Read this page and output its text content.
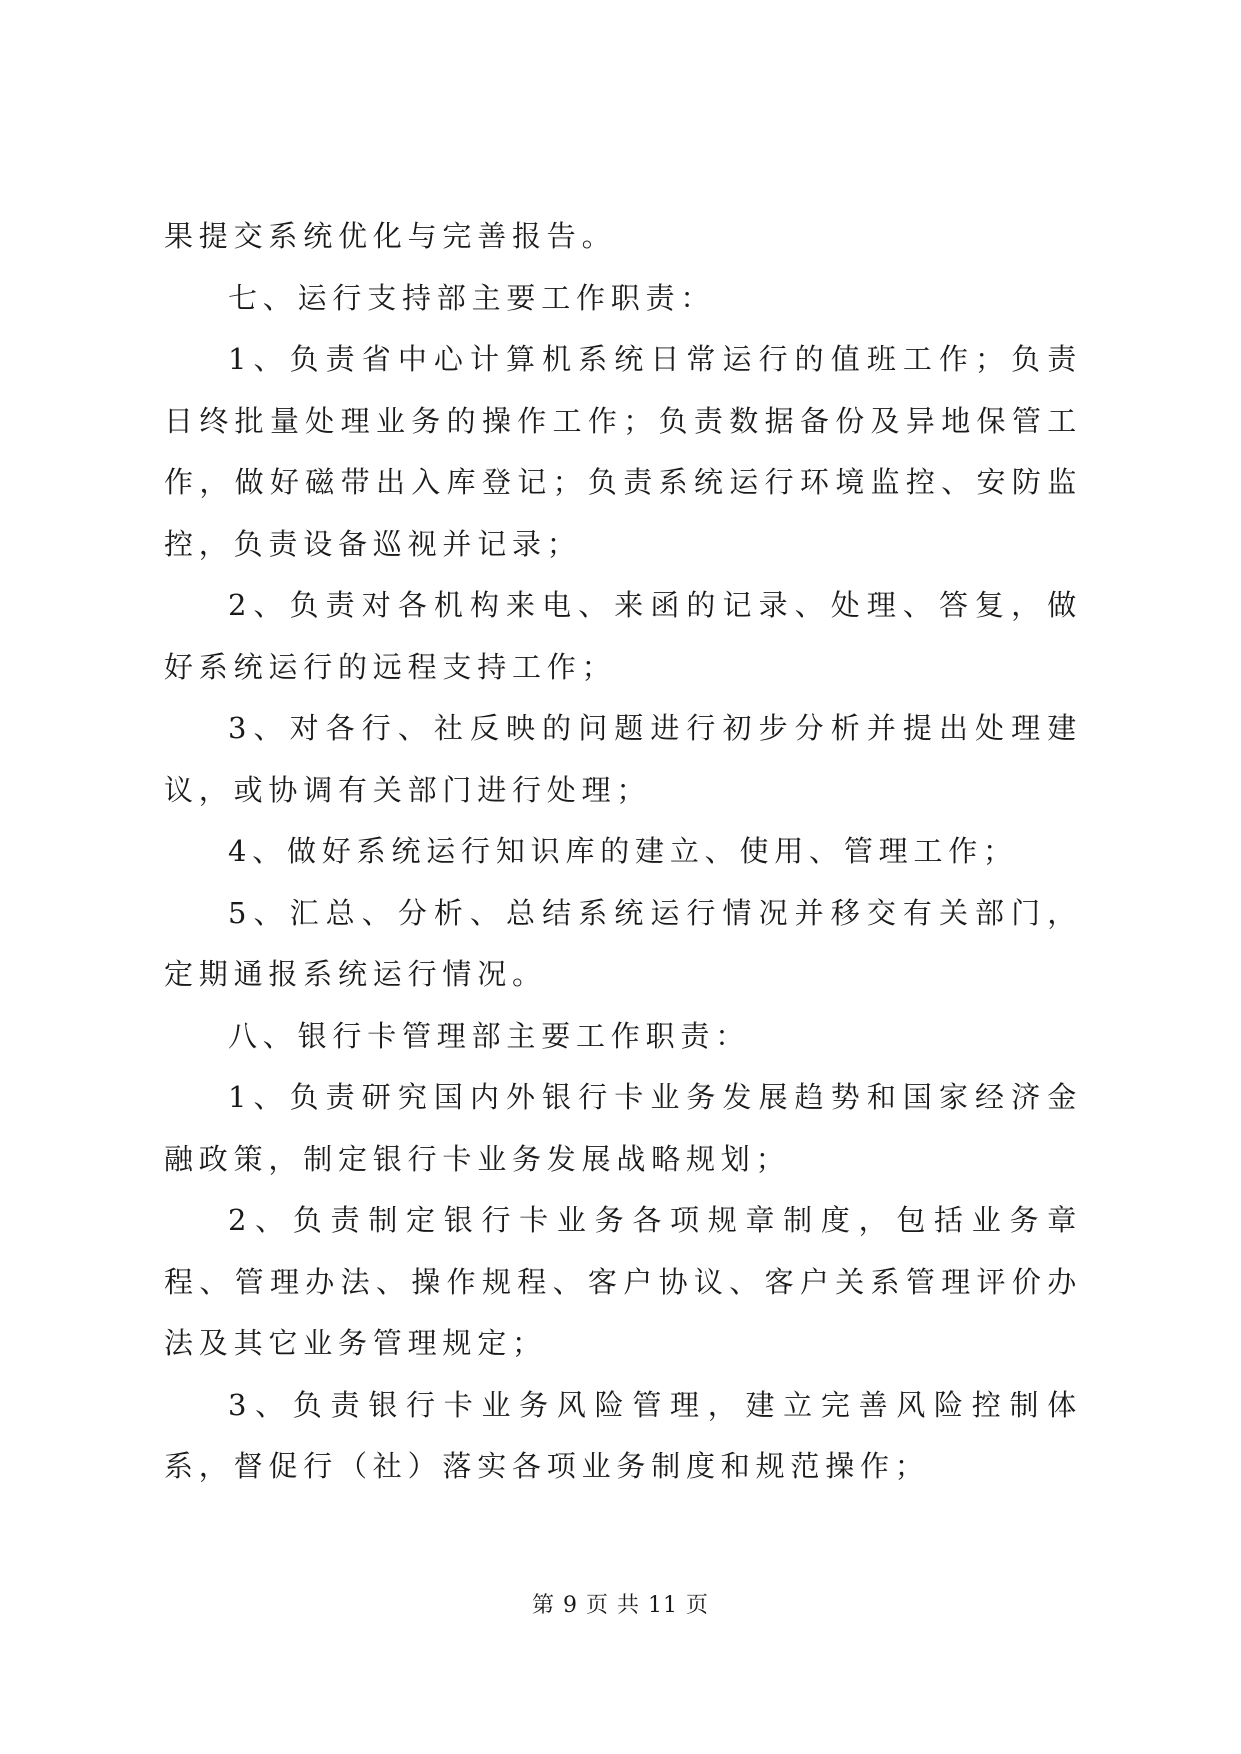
果提交系统优化与完善报告。

七、运行支持部主要工作职责：

1、负责省中心计算机系统日常运行的值班工作；负责日终批量处理业务的操作工作；负责数据备份及异地保管工作，做好磁带出入库登记；负责系统运行环境监控、安防监控，负责设备巡视并记录；

2、负责对各机构来电、来函的记录、处理、答复，做好系统运行的远程支持工作；

3、对各行、社反映的问题进行初步分析并提出处理建议，或协调有关部门进行处理；

4、做好系统运行知识库的建立、使用、管理工作；

5、汇总、分析、总结系统运行情况并移交有关部门，定期通报系统运行情况。

八、银行卡管理部主要工作职责：

1、负责研究国内外银行卡业务发展趋势和国家经济金融政策，制定银行卡业务发展战略规划；

2、负责制定银行卡业务各项规章制度，包括业务章程、管理办法、操作规程、客户协议、客户关系管理评价办法及其它业务管理规定；

3、负责银行卡业务风险管理，建立完善风险控制体系，督促行（社）落实各项业务制度和规范操作；

第 9 页 共 11 页
